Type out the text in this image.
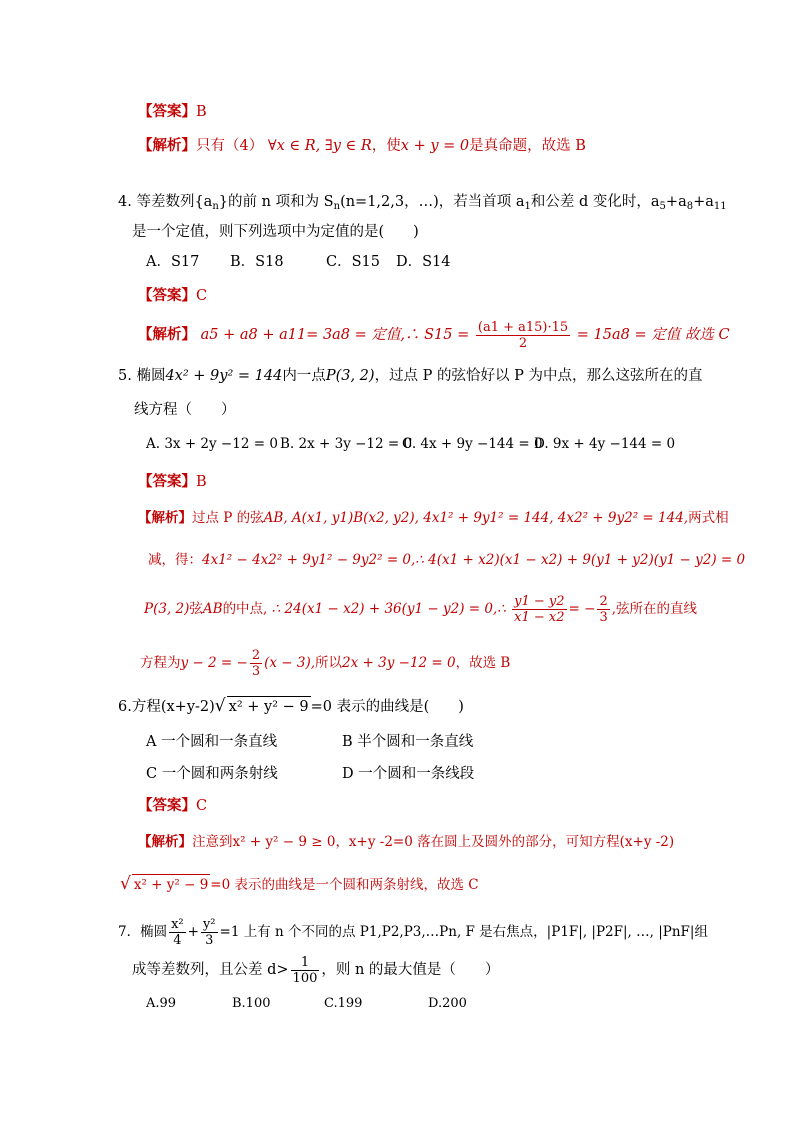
【答案】B
【解析】只有（4） ∀x ∈ R, ∃y ∈ R，使x + y = 0是真命题，故选 B
4. 等差数列$\{a_n\}$的前 n 项和为 $S_n(n=1,2,3$，…)，若当首项 $a_1$和公差 d 变化时，$a_5+a_8+a_{11}$
是一个定值，则下列选项中为定值的是(　　)
A．S17 B．S18	C．S15 D．S14
【答案】C
【解析】 a5 + a8 + a11= 3a8 = 定值,∴ $S15 = \frac{(a1 + a15)\cdot 15}{2} = 15a8$ = 定值 故选 C
5. 椭圆4x² + 9y² = 144内一点P(3, 2)，过点 P 的弦恰好以 P 为中点，那么这弦所在的直
线方程（　　）
A. 3x + 2y −12 = 0 B. 2x + 3y −12 = 0C. 4x + 9y −144 = 0D. 9x + 4y −144 = 0
【答案】B
【解析】过点 P 的弦AB, A(x1, y1)B(x2, y2), 4x1² + 9y1² = 144, 4x2² + 9y2² = 144,两式相
减，得：4x1² − 4x2² + 9y1² − 9y2² = 0,∴ 4(x1 + x2)(x1 − x2) + 9(y1 + y2)(y1 − y2) = 0
P(3, 2)弦AB的中点, ∴ 24(x1 − x2) + 36(y1 − y2) = 0,∴ $\frac{y1 - y2}{x1 - x2}$ = − $\frac{2}{3}$ ,弦所在的直线
方程为y − 2 = − $\frac{2}{3} (x - 3)$,所以2x + 3y −12 = 0，故选 B
6.方程(x+y-2)√ x² + y² − 9 =0 表示的曲线是(　　)
A 一个圆和一条直线	B 半个圆和一条直线
C 一个圆和两条射线	D 一个圆和一条线段
【答案】C
【解析】注意到x² + y² − 9 ≥ 0，x+y -2=0 落在圆上及圆外的部分，可知方程(x+y -2)
√ x² + y² − 9 =0 表示的曲线是一个圆和两条射线，故选 C
7．椭圆 $\frac{\text{x²}}{4} + \frac{\text{y²}}{3} =1$ 上有 n 个不同的点 P1,P2,P3,…Pn, F 是右焦点，|P1F|, |P2F|, …, |PnF|组
成等差数列，且公差 $d> \frac{1}{100}$ ，则 n 的最大值是（　　）
A.99	B.100	C.199	D.200
